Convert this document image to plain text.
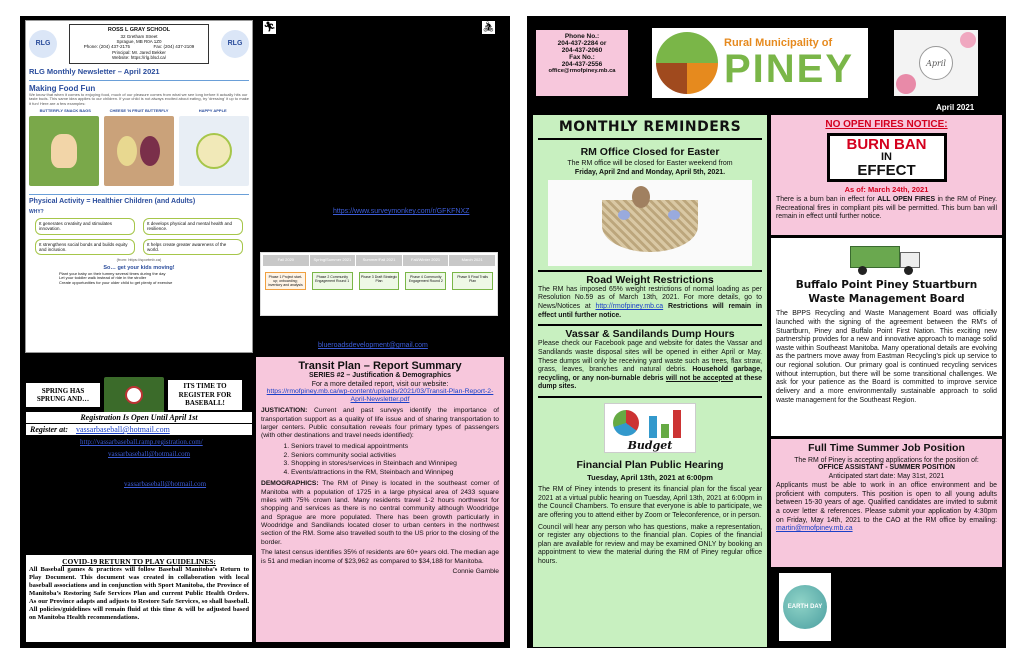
RLG
ROSS L GRAY SCHOOL
32 Gretham Street
Sprague, MB R0A 1Z0
Phone: (204) 437-2175	Fax: (204) 437-2109
Principal: Mr. Jared Bekker
Website: https://rlg.blsd.ca/
RLG
RLG Monthly Newsletter – April 2021
Making Food Fun
We know that when it comes to enjoying food, much of our pleasure comes from what we see long before it actually hits our taste buds. This same idea applies to our children. If your child is not always excited about eating, try 'dressing' it up to make it fun! Here are a few examples:
BUTTERFLY SNACK BAGS	CHEESE 'N FRUIT BUTTERFLY	HAPPY APPLE
Physical Activity = Healthier Children (and Adults)
WHY?
It generates creativity and stimulates innovation.
It develops physical and mental health and resilience.
It strengthens social bonds and builds equity and inclusion.
It helps create greater awareness of the world.
(from: https://sportmb.ca)
So… get your kids moving!
Plant your baby on their tummy several times during the day
Let your toddler walk instead of ride in the stroller
Create opportunities for your older child to get plenty of exercise
🏃︎	🚴︎
https://www.surveymonkey.com/r/GFKFNXZ
Fall 2020	Spring/Summer 2021	Summer/Fall 2021	Fall/Winter 2021	March 2021
Phase 1 Project start-up; onboarding; inventory and analysis
Phase 2 Community Engagement Round 1
Phase 3 Draft Strategic Plan
Phase 4 Community Engagement Round 2
Phase 5 Final Trails Plan
blueroadsdevelopment@gmail.com
SPRING HAS SPRUNG AND…
ITS TIME TO REGISTER FOR BASEBALL!
Registration Is Open Until April 1st
Register at: vassarbaseball@hotmail.com
http://vassarbaseball.ramp.registration.com/
vassarbaseball@hotmail.com
vassarbaseball@hotmail.com
COVID-19 RETURN TO PLAY GUIDELINES:
All Baseball games & practices will follow Baseball Manitoba’s Return to Play Document. This document was created in collaboration with local baseball associations and in conjunction with Sport Manitoba, the Province of Manitoba’s Restoring Safe Services Plan and current Public Health Orders. As our Province adapts and adjusts to Restore Safe Services, so shall baseball. All policies/guidelines will remain fluid at this time & will be adjusted based on Manitoba Health recommendations.
Transit Plan – Report Summary
SERIES #2 – Justification & Demographics
For a more detailed report, visit our website:
https://rmofpiney.mb.ca/wp-content/uploads/2021/03/Transit-Plan-Report-2-April-Newsletter.pdf
JUSTICATION: Current and past surveys identify the importance of transportation support as a quality of life issue and of sharing transportation to larger centers. Public consultation reveals four primary types of passengers (with other destinations and travel needs identified):
1. Seniors travel to medical appointments
2. Seniors community social activities
3. Shopping in stores/services in Steinbach and Winnipeg
4. Events/attractions in the RM, Steinbach and Winnipeg
DEMOGRAPHICS: The RM of Piney is located in the southeast corner of Manitoba with a population of 1725 in a large physical area of 2433 square miles with 75% crown land. Many residents travel 1-2 hours northwest for shopping and services as there is no central community although Woodridge and Sprague are more populated. There has been growth particularly in Woodridge and Sandilands located closer to urban centers in the northwest section of the RM. Some also travelled south to the US prior to the closing of the border.
The latest census identifies 35% of residents are 60+ years old. The median age is 51 and median income of $23,962 as compared to $34,188 for Manitoba.
Connie Gamble
Phone No.:
204-437-2284 or
204-437-2060
Fax No.:
204-437-2556
office@rmofpiney.mb.ca
Rural Municipality of
PINEY	April
April 2021
MONTHLY REMINDERS
RM Office Closed for Easter
The RM office will be closed for Easter weekend from
Friday, April 2nd and Monday, April 5th, 2021.
Road Weight Restrictions
The RM has imposed 65% weight restrictions of normal loading as per Resolution No.59 as of March 13th, 2021. For more details, go to News/Notices at http://rmofpiney.mb.ca Restrictions will remain in effect until further notice.
Vassar & Sandilands Dump Hours
Please check our Facebook page and website for dates the Vassar and Sandilands waste disposal sites will be opened in either April or May. These dumps will only be receiving yard waste such as trees, flax straw, grass, leaves, branches and natural debris. Household garbage, recycling, or any non-burnable debris will not be accepted at these dump sites.
Budget
Financial Plan Public Hearing
Tuesday, April 13th, 2021 at 6:00pm
The RM of Piney intends to present its financial plan for the fiscal year 2021 at a virtual public hearing on Tuesday, April 13th, 2021 at 6:00pm in the Council Chambers. To ensure that everyone is able to participate, we are offering you to attend either by Zoom or Teleconference, or in person.
Council will hear any person who has questions, make a representation, or register any objections to the financial plan. Copies of the financial plan are available for review and may be examined ONLY by booking an appointment to view the material during the RM of Piney regular office hours.
NO OPEN FIRES NOTICE:
BURN BAN
IN
EFFECT
As of: March 24th, 2021
There is a burn ban in effect for ALL OPEN FIRES in the RM of Piney. Recreational fires in compliant pits will be permitted. This burn ban will remain in effect until further notice.
Buffalo Point Piney Stuartburn Waste Management Board
The BPPS Recycling and Waste Management Board was officially launched with the signing of the agreement between the RM's of Stuartburn, Piney and Buffalo Point First Nation. This exciting new partnership provides for a new and innovative approach to manage solid waste within Southeast Manitoba. Many operational details are evolving as the partners move away from Eastman Recycling's pick up service to our regional solution. Our primary goal is continued recycling services without interruption, but there will be some transitional challenges. We ask for your patience as the Board is committed to improve service delivery and a more environmentally sustainable approach to solid waste management for the Southeast Region.
Full Time Summer Job Position
The RM of Piney is accepting applications for the position of:
OFFICE ASSISTANT - SUMMER POSITION
Anticipated start date: May 31st, 2021
Applicants must be able to work in an office environment and be proficient with computers. This position is open to all young adults between 15-30 years of age. Qualified candidates are invited to submit a cover letter & references. Please submit your application by 4:30pm on Friday, May 14th, 2021 to the CAO at the RM office by emailing: martin@rmofpiney.mb.ca
EARTH DAY
